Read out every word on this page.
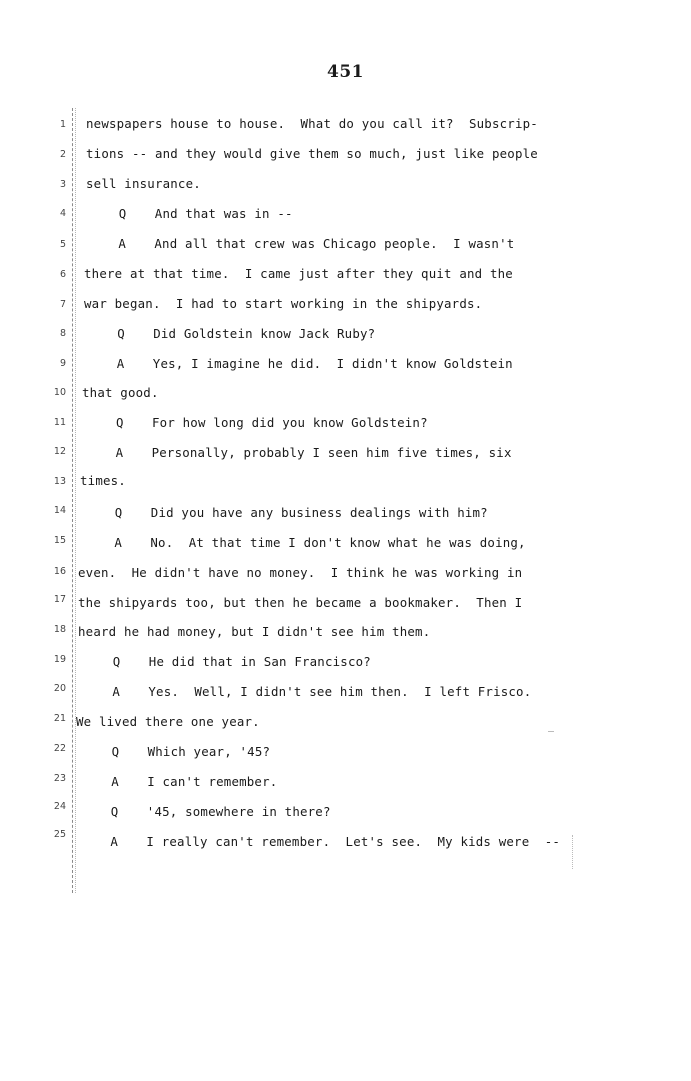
451
1 newspapers house to house.  What do you call it?  Subscrip-
2 tions -- and they would give them so much, just like people
3 sell insurance.
4	Q And that was in --
5	A And all that crew was Chicago people.  I wasn't
6 there at that time.  I came just after they quit and the
7 war began.  I had to start working in the shipyards.
8	Q Did Goldstein know Jack Ruby?
9	A Yes, I imagine he did.  I didn't know Goldstein
10 that good.
11	Q For how long did you know Goldstein?
12	A Personally, probably I seen him five times, six
13 times.
14	Q Did you have any business dealings with him?
15	A No.  At that time I don't know what he was doing,
16 even.  He didn't have no money.  I think he was working in
17 the shipyards too, but then he became a bookmaker.  Then I
18 heard he had money, but I didn't see him them.
19	Q He did that in San Francisco?
20	A Yes.  Well, I didn't see him then.  I left Frisco.
21 We lived there one year.
22	Q Which year, '45?
23	A I can't remember.
24	Q '45, somewhere in there?
25	A I really can't remember.  Let's see.  My kids were  --
